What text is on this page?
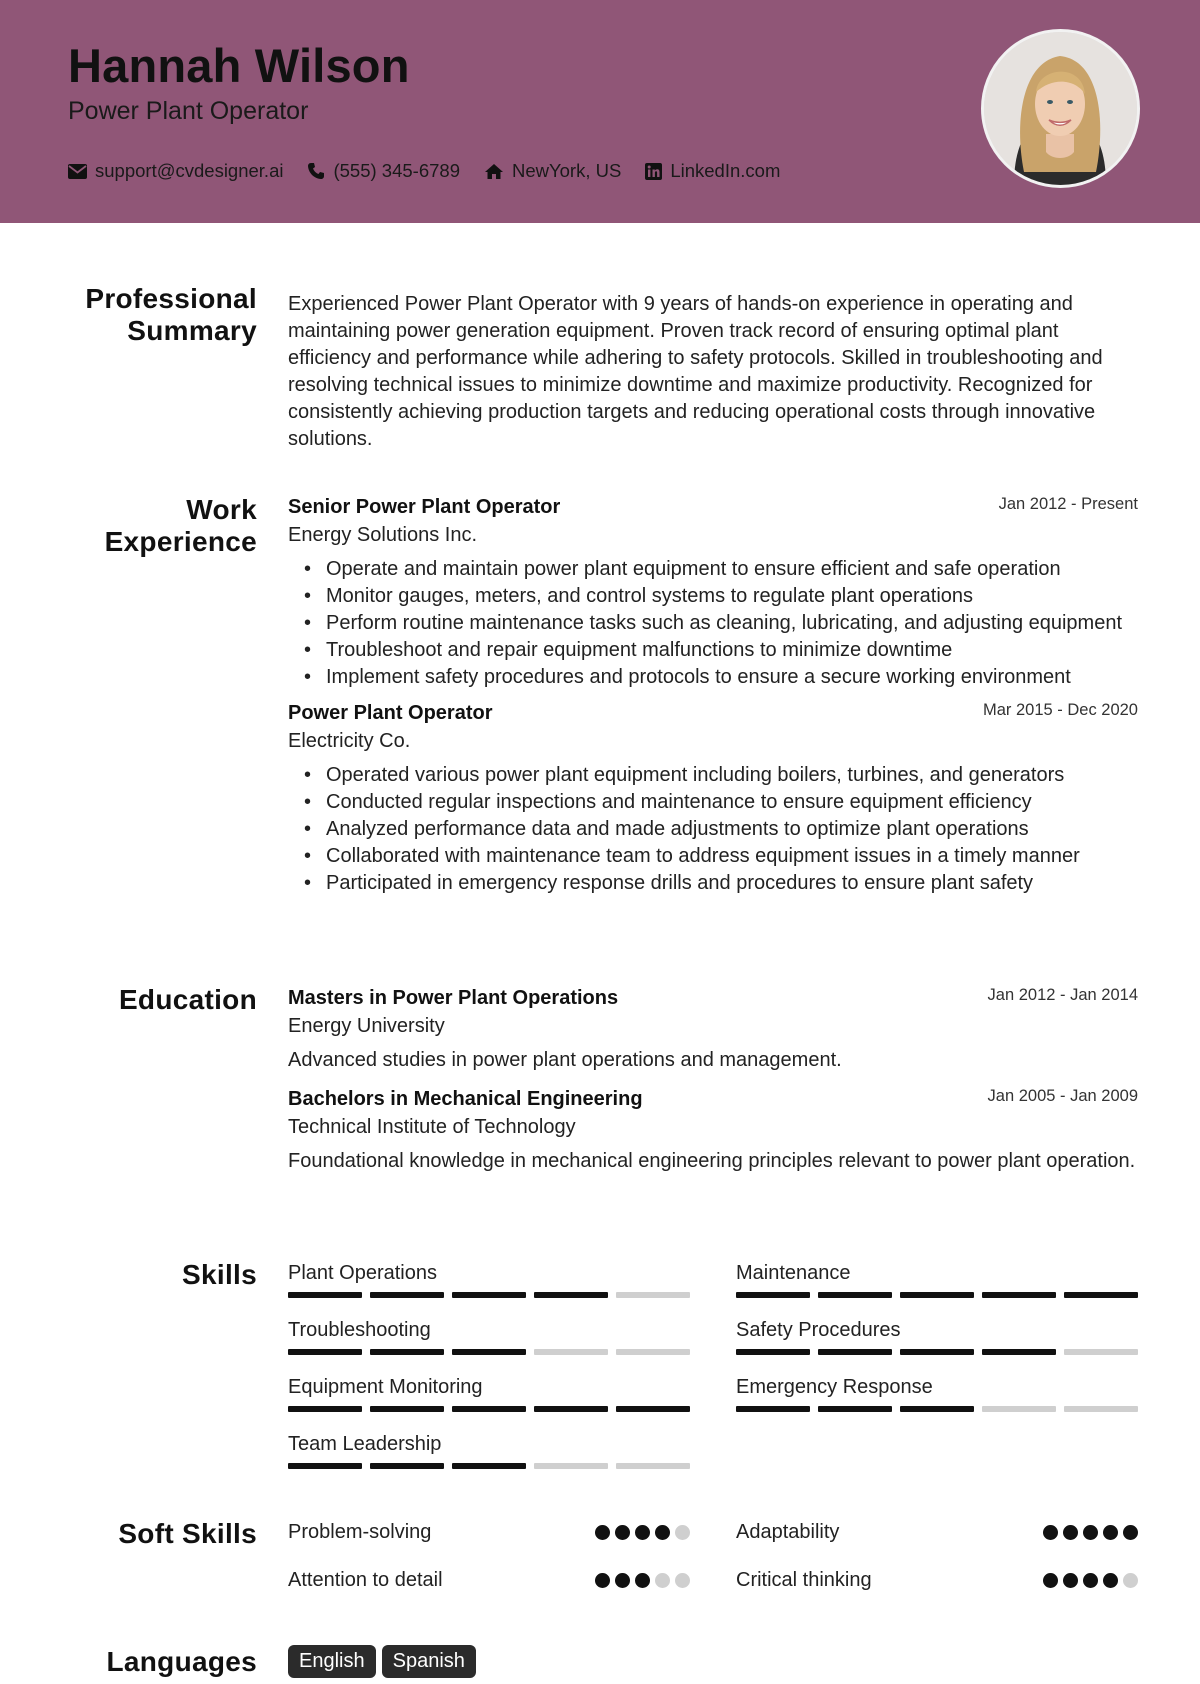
Hannah Wilson
Power Plant Operator
support@cvdesigner.ai	(555) 345-6789	NewYork, US	LinkedIn.com
Professional
Summary

Experienced Power Plant Operator with 9 years of hands-on experience in operating and maintaining power generation equipment. Proven track record of ensuring optimal plant efficiency and performance while adhering to safety protocols. Skilled in troubleshooting and resolving technical issues to minimize downtime and maximize productivity. Recognized for consistently achieving production targets and reducing operational costs through innovative solutions.

Work
Experience
Senior Power Plant Operator	Jan 2012 - Present
Energy Solutions Inc.
• Operate and maintain power plant equipment to ensure efficient and safe operation
• Monitor gauges, meters, and control systems to regulate plant operations
• Perform routine maintenance tasks such as cleaning, lubricating, and adjusting equipment
• Troubleshoot and repair equipment malfunctions to minimize downtime
• Implement safety procedures and protocols to ensure a secure working environment
Power Plant Operator	Mar 2015 - Dec 2020
Electricity Co.
• Operated various power plant equipment including boilers, turbines, and generators
• Conducted regular inspections and maintenance to ensure equipment efficiency
• Analyzed performance data and made adjustments to optimize plant operations
• Collaborated with maintenance team to address equipment issues in a timely manner
• Participated in emergency response drills and procedures to ensure plant safety
Education Masters in Power Plant Operations	Jan 2012 - Jan 2014
Energy University

Advanced studies in power plant operations and management.

Bachelors in Mechanical Engineering	Jan 2005 - Jan 2009
Technical Institute of Technology

Foundational knowledge in mechanical engineering principles relevant to power plant operation.

Skills Plant Operations	Maintenance
Troubleshooting	Safety Procedures
Equipment Monitoring	Emergency Response
Team Leadership
Soft Skills Problem-solving	Adaptability
Attention to detail	Critical thinking
Languages	English Spanish
